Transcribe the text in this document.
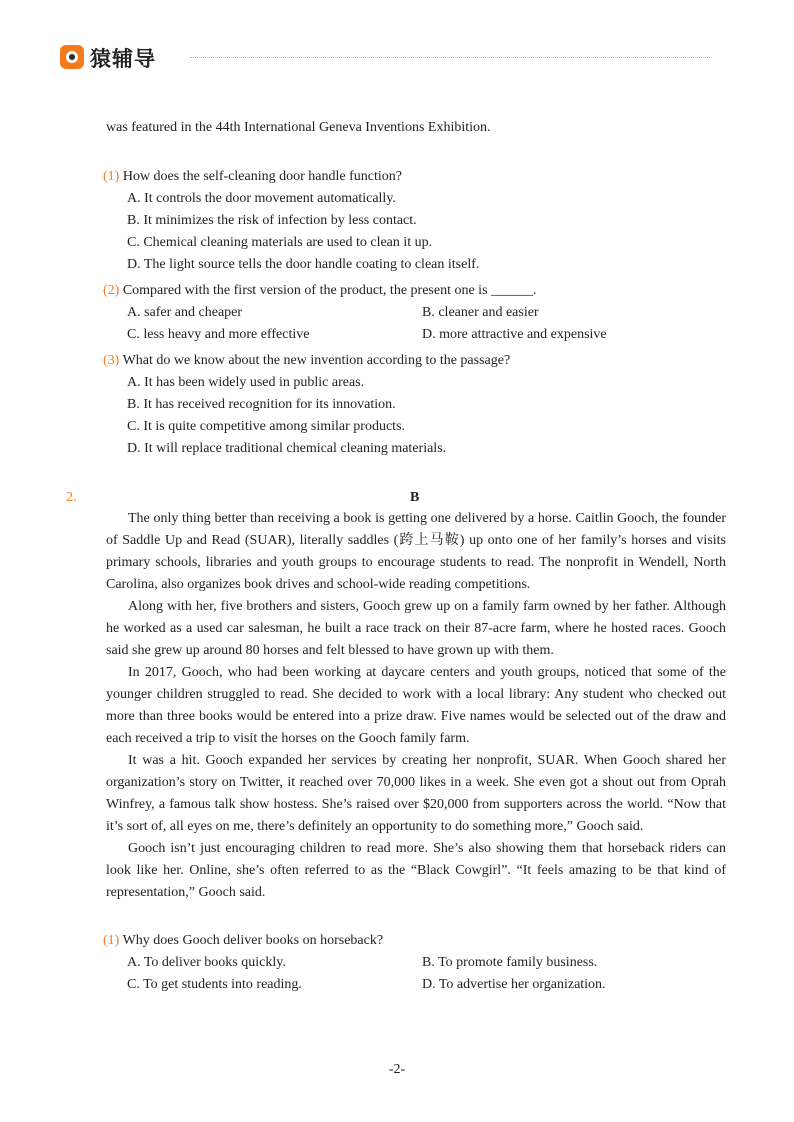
猿辅导
was featured in the 44th International Geneva Inventions Exhibition.
(1) How does the self-cleaning door handle function?
A. It controls the door movement automatically.
B. It minimizes the risk of infection by less contact.
C. Chemical cleaning materials are used to clean it up.
D. The light source tells the door handle coating to clean itself.
(2) Compared with the first version of the product, the present one is ______.
A. safer and cheaper	B. cleaner and easier
C. less heavy and more effective	D. more attractive and expensive
(3) What do we know about the new invention according to the passage?
A. It has been widely used in public areas.
B. It has received recognition for its innovation.
C. It is quite competitive among similar products.
D. It will replace traditional chemical cleaning materials.
2.	B

The only thing better than receiving a book is getting one delivered by a horse. Caitlin Gooch, the founder of Saddle Up and Read (SUAR), literally saddles (跨上马鞍) up onto one of her family’s horses and visits primary schools, libraries and youth groups to encourage students to read. The nonprofit in Wendell, North Carolina, also organizes book drives and school-wide reading competitions.

Along with her, five brothers and sisters, Gooch grew up on a family farm owned by her father. Although he worked as a used car salesman, he built a race track on their 87-acre farm, where he hosted races. Gooch said she grew up around 80 horses and felt blessed to have grown up with them.

In 2017, Gooch, who had been working at daycare centers and youth groups, noticed that some of the younger children struggled to read. She decided to work with a local library: Any student who checked out more than three books would be entered into a prize draw. Five names would be selected out of the draw and each received a trip to visit the horses on the Gooch family farm.

It was a hit. Gooch expanded her services by creating her nonprofit, SUAR. When Gooch shared her organization’s story on Twitter, it reached over 70,000 likes in a week. She even got a shout out from Oprah Winfrey, a famous talk show hostess. She’s raised over $20,000 from supporters across the world. “Now that it’s sort of, all eyes on me, there’s definitely an opportunity to do something more,” Gooch said.

Gooch isn’t just encouraging children to read more. She’s also showing them that horseback riders can look like her. Online, she’s often referred to as the “Black Cowgirl”. “It feels amazing to be that kind of representation,” Gooch said.

(1) Why does Gooch deliver books on horseback?
A. To deliver books quickly.	B. To promote family business.
C. To get students into reading.	D. To advertise her organization.
-2-
